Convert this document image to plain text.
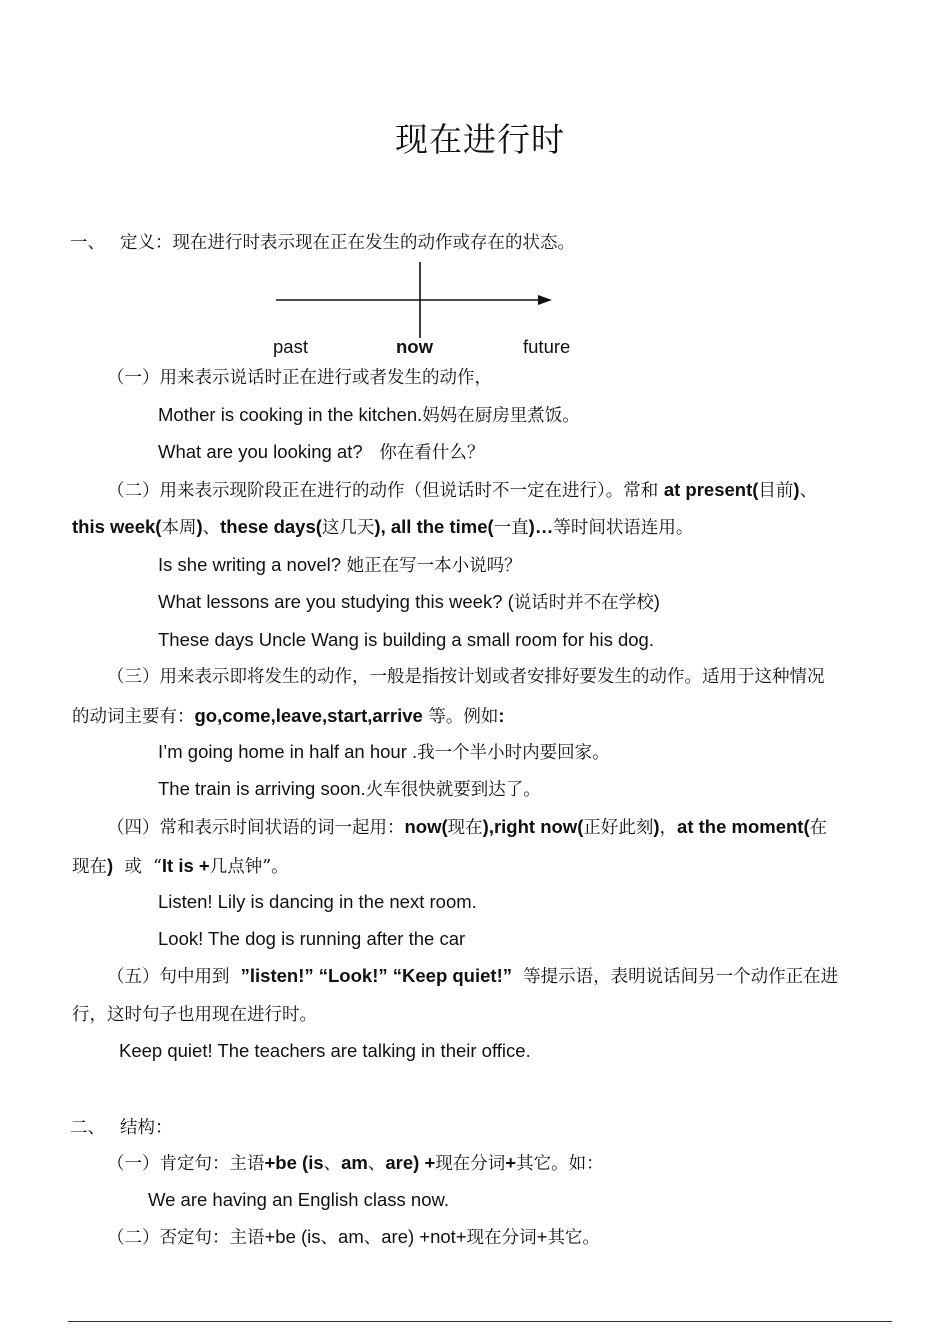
现在进行时
一、 定义：现在进行时表示现在正在发生的动作或存在的状态。
past	now	future
（一）用来表示说话时正在进行或者发生的动作，
Mother is cooking in the kitchen.妈妈在厨房里煮饭。
What are you looking at? 你在看什么？
（二）用来表示现阶段正在进行的动作（但说话时不一定在进行）。常和 at present(目前)、
this week(本周)、these days(这几天), all the time(一直)…等时间状语连用。
Is she writing a novel? 她正在写一本小说吗？
What lessons are you studying this week? (说话时并不在学校)
These days Uncle Wang is building a small room for his dog.
（三）用来表示即将发生的动作，一般是指按计划或者安排好要发生的动作。适用于这种情况
的动词主要有：go,come,leave,start,arrive 等。例如:
I’m going home in half an hour .我一个半小时内要回家。
The train is arriving soon.火车很快就要到达了。
（四）常和表示时间状语的词一起用：now(现在),right now(正好此刻)，at the moment(在
现在) 或 “It is +几点钟”。
Listen! Lily is dancing in the next room.
Look! The dog is running after the car
（五）句中用到 ”listen!” “Look!” “Keep quiet!” 等提示语，表明说话间另一个动作正在进
行，这时句子也用现在进行时。
Keep quiet! The teachers are talking in their office.
二、 结构：
（一）肯定句：主语+be (is、am、are) +现在分词+其它。如：
We are having an English class now.
（二）否定句：主语+be (is、am、are) +not+现在分词+其它。
